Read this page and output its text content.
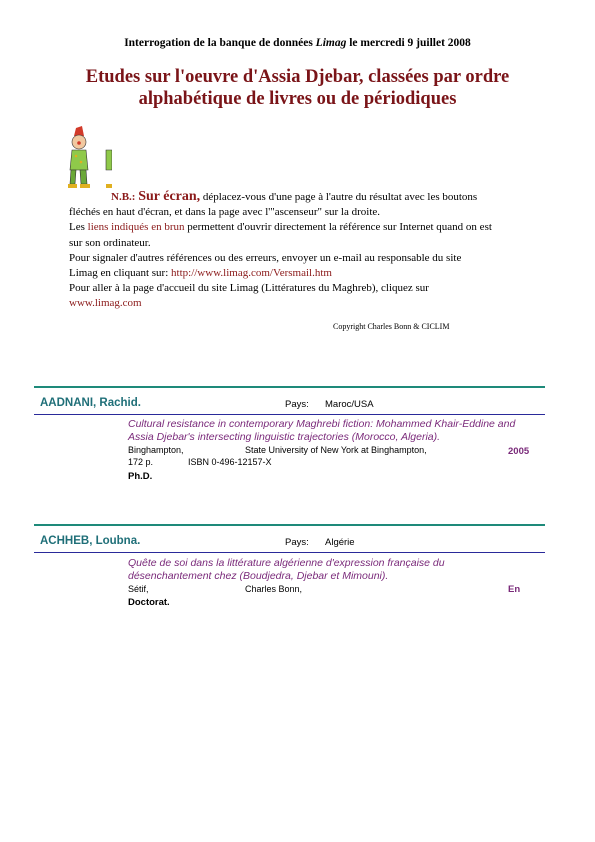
Interrogation de la banque de données Limag le mercredi 9 juillet 2008
Etudes sur l'oeuvre d'Assia Djebar, classées par ordre
alphabétique de livres ou de périodiques
N.B.: Sur écran, déplacez-vous d'une page à l'autre du résultat avec les boutons
fléchés en haut d'écran, et dans la page avec l'"ascenseur" sur la droite.
Les liens indiqués en brun permettent d'ouvrir directement la référence sur Internet quand on est
sur son ordinateur.
Pour signaler d'autres références ou des erreurs, envoyer un e-mail au responsable du site
Limag en cliquant sur: http://www.limag.com/Versmail.htm
Pour aller à la page d'accueil du site Limag (Littératures du Maghreb), cliquez sur
www.limag.com
Copyright Charles Bonn & CICLIM
AADNANI, Rachid.	Pays: Maroc/USA
Cultural resistance in contemporary Maghrebi fiction: Mohammed Khair-Eddine and
Assia Djebar's intersecting linguistic trajectories (Morocco, Algeria).
Binghampton,	State University of New York at Binghampton,	2005
172 p.	ISBN 0-496-12157-X
Ph.D.
ACHHEB, Loubna.	Pays: Algérie
Quête de soi dans la littérature algérienne d'expression française du
désenchantement chez (Boudjedra, Djebar et Mimouni).
Sétif,	Charles Bonn,	En
Doctorat.
